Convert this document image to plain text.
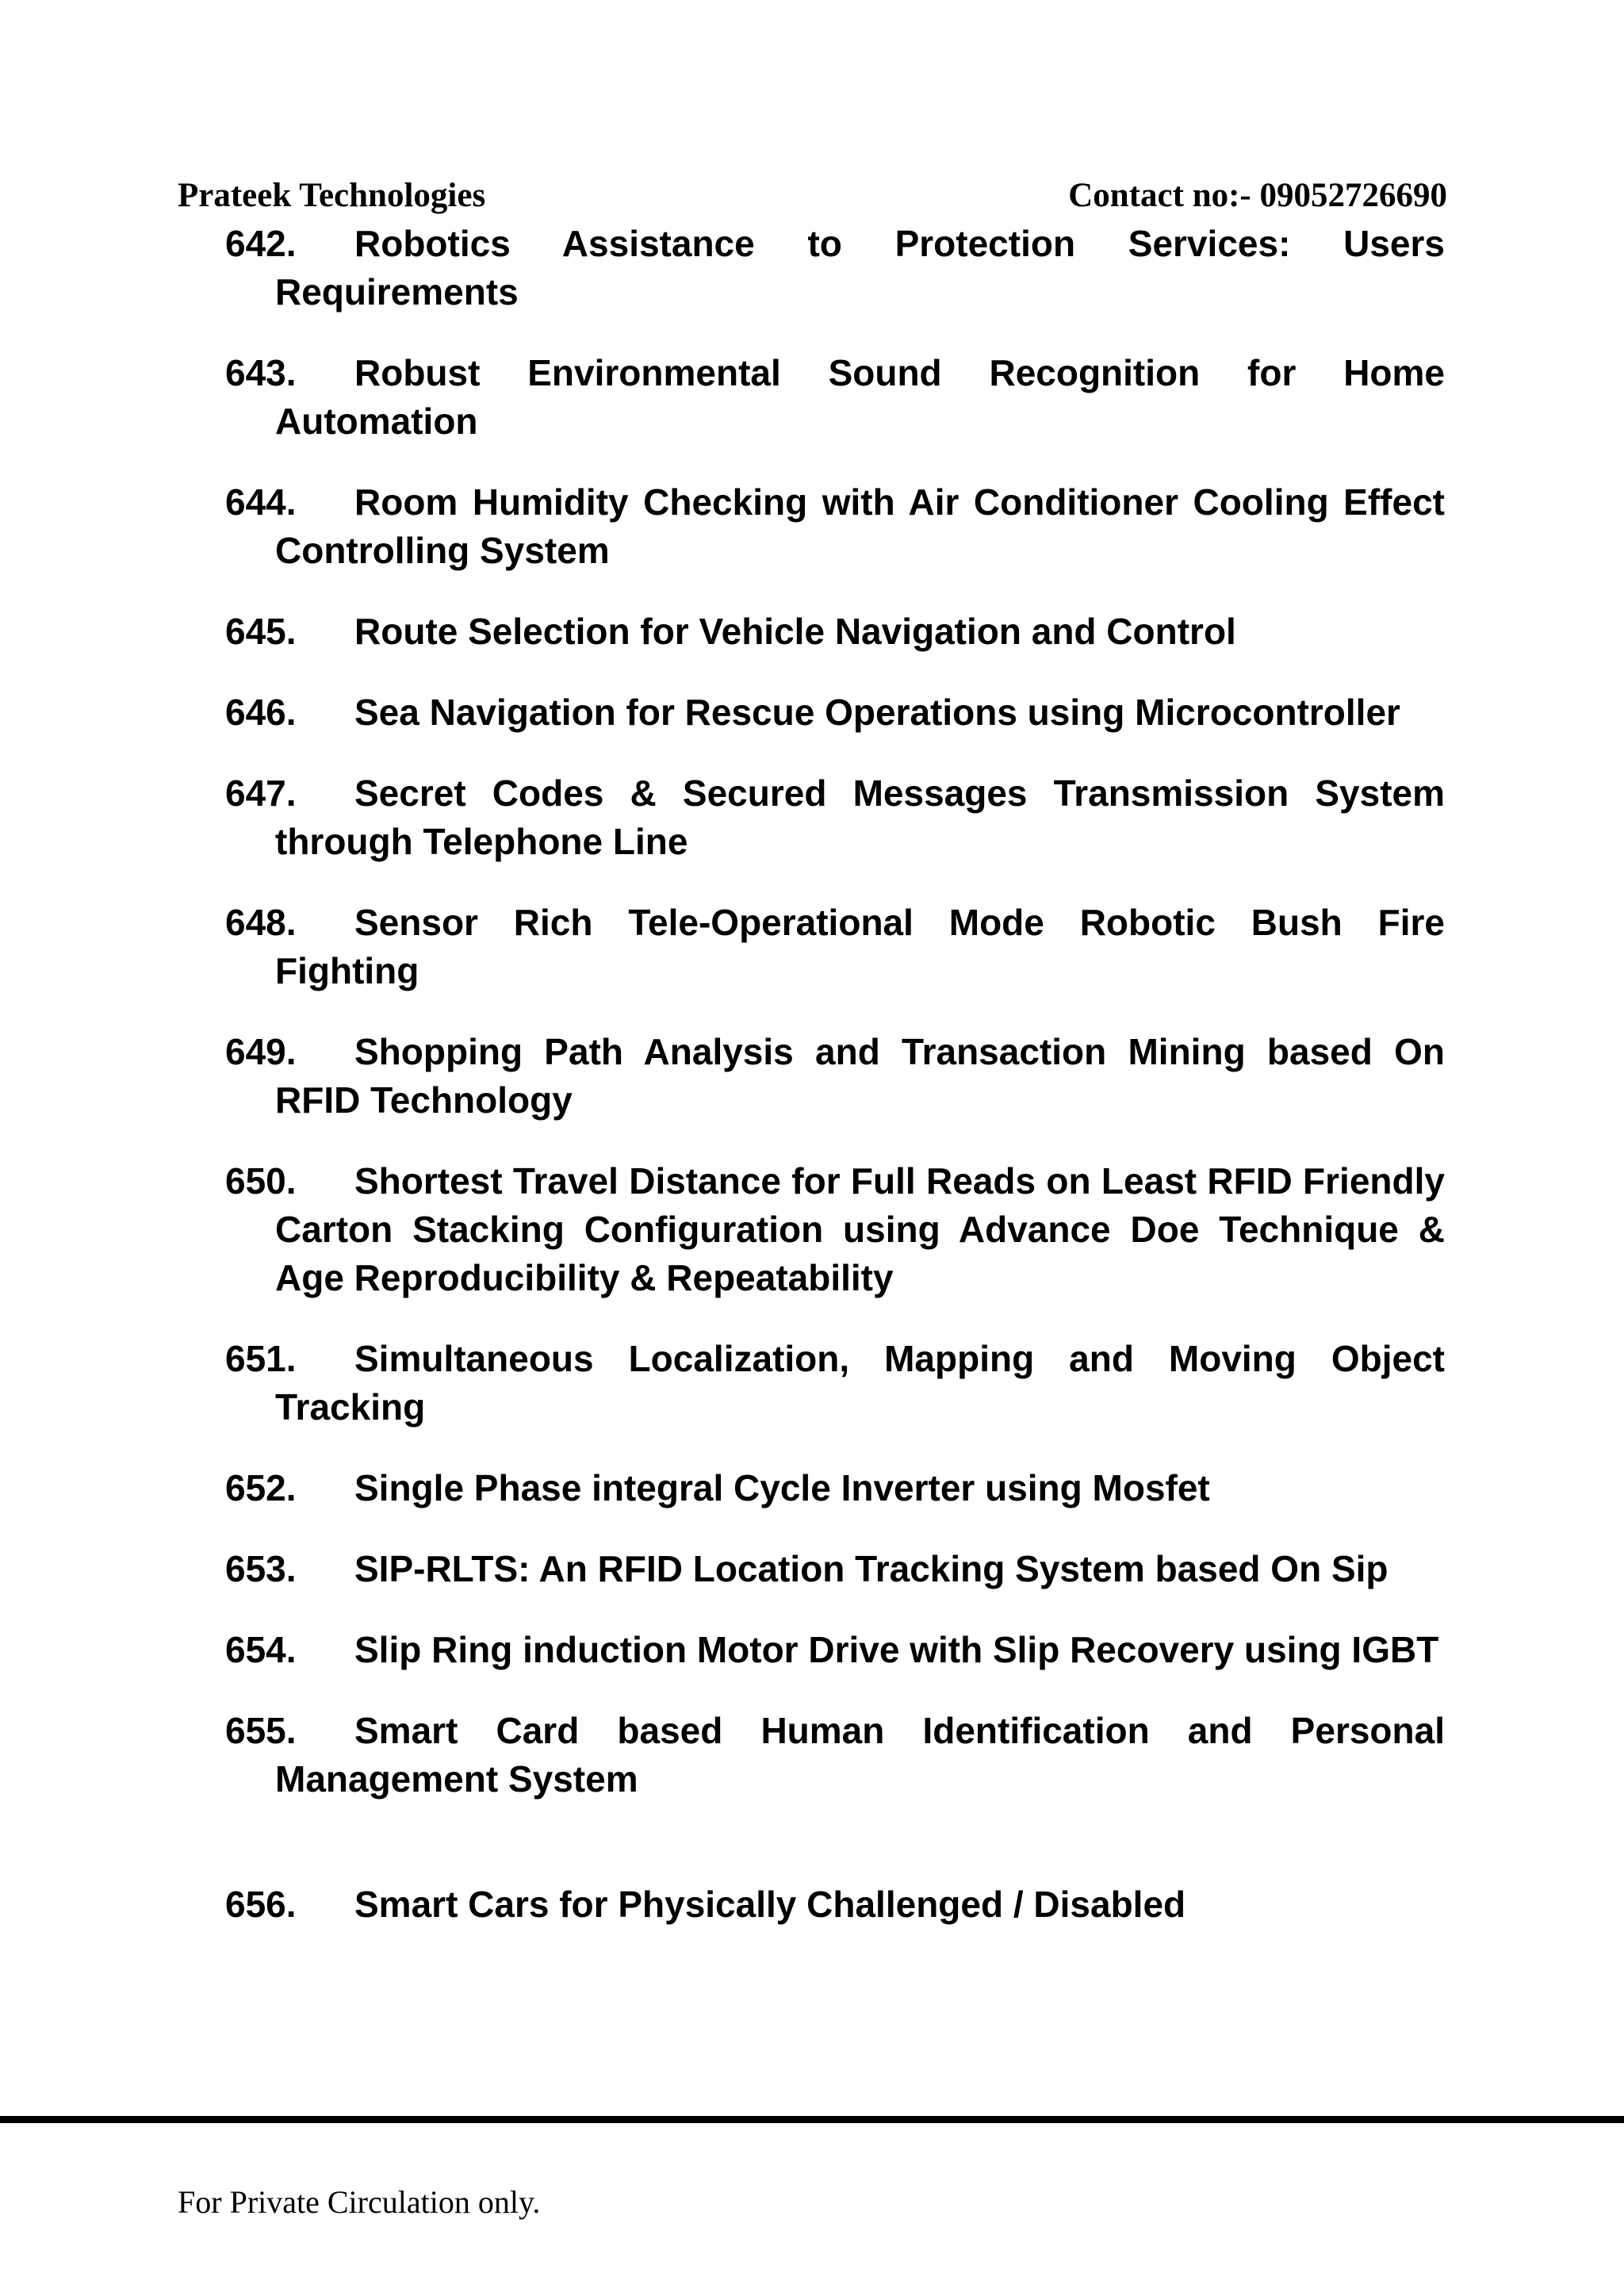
Prateek Technologies	Contact no:- 09052726690
642.	Robotics Assistance to Protection Services: Users Requirements
643.	Robust Environmental Sound Recognition for Home Automation
644.	Room Humidity Checking with Air Conditioner Cooling Effect Controlling System
645.	Route Selection for Vehicle Navigation and Control
646.	Sea Navigation for Rescue Operations using Microcontroller
647.	Secret Codes & Secured Messages Transmission System through Telephone Line
648.	Sensor Rich Tele-Operational Mode Robotic Bush Fire Fighting
649.	Shopping Path Analysis and Transaction Mining based On RFID Technology
650.	Shortest Travel Distance for Full Reads on Least RFID Friendly Carton Stacking Configuration using Advance Doe Technique & Age Reproducibility & Repeatability
651.	Simultaneous Localization, Mapping and Moving Object Tracking
652.	Single Phase integral Cycle Inverter using Mosfet
653.	SIP-RLTS: An RFID Location Tracking System based On Sip
654.	Slip Ring induction Motor Drive with Slip Recovery using IGBT
655.	Smart Card based Human Identification and Personal Management System
656.	Smart Cars for Physically Challenged / Disabled
For Private Circulation only.
